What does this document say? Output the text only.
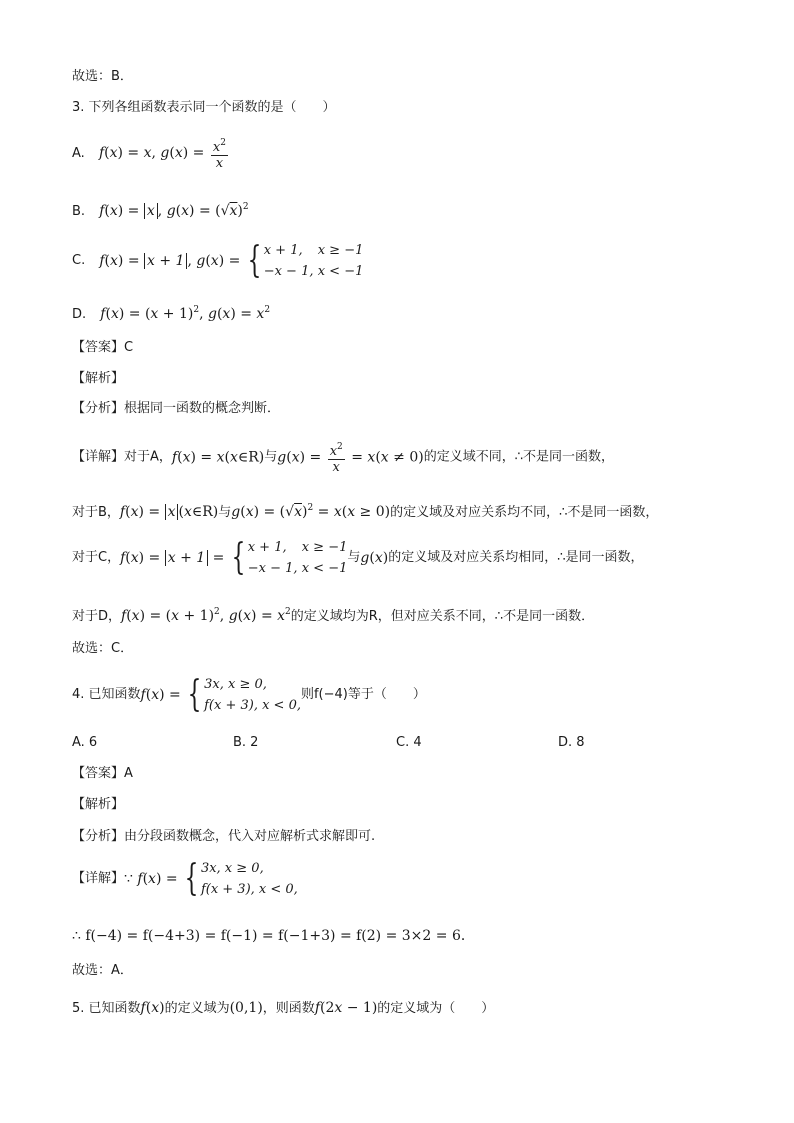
故选：B．
3. 下列各组函数表示同一个函数的是（　　）
A. f(x) = x, $g(x) = \frac{x^2}{x}$
B. f(x) = x , $g(x) = (√x)^2$
C. f(x) = x + 1 , g(x) = { x + 1, x ≥ −1
−x − 1, x < −1
D. $f(x) = (x + 1)^2$, $g(x) = x^2$
【答案】C
【解析】
【分析】根据同一函数的概念判断．
【详解】对于A，f(x) = x(x∈R)与$g(x) = \frac{x^2}{x} = x(x \ne 0)$的定义域不同，∴不是同一函数，
对于B，f(x) = x (x∈R)与$g(x) = (√x)^2 = x(x \ge 0)$的定义域及对应关系均不同，∴不是同一函数，
对于C，f(x) = x + 1 = { x + 1, x ≥ −1
−x − 1, x < −1与g(x)的定义域及对应关系均相同，∴是同一函数，
对于D，$f(x) = (x + 1)^2$, $g(x) = x^2$的定义域均为R，但对应关系不同，∴不是同一函数．
故选：C．
4. 已知函数f(x) = { 3x, x ≥ 0,
f(x + 3), x < 0,则f(−4)等于（　　）
A. 6	B. 2	C. 4	D. 8
【答案】A
【解析】
【分析】由分段函数概念，代入对应解析式求解即可.
【详解】∵ f(x) = { 3x, x ≥ 0,
f(x + 3), x < 0,
∴ f(−4) = f(−4+3) = f(−1) = f(−1+3) = f(2) = 3×2 = 6．
故选：A．
5. 已知函数f(x)的定义域为(0,1)，则函数f(2x − 1)的定义域为（　　）
